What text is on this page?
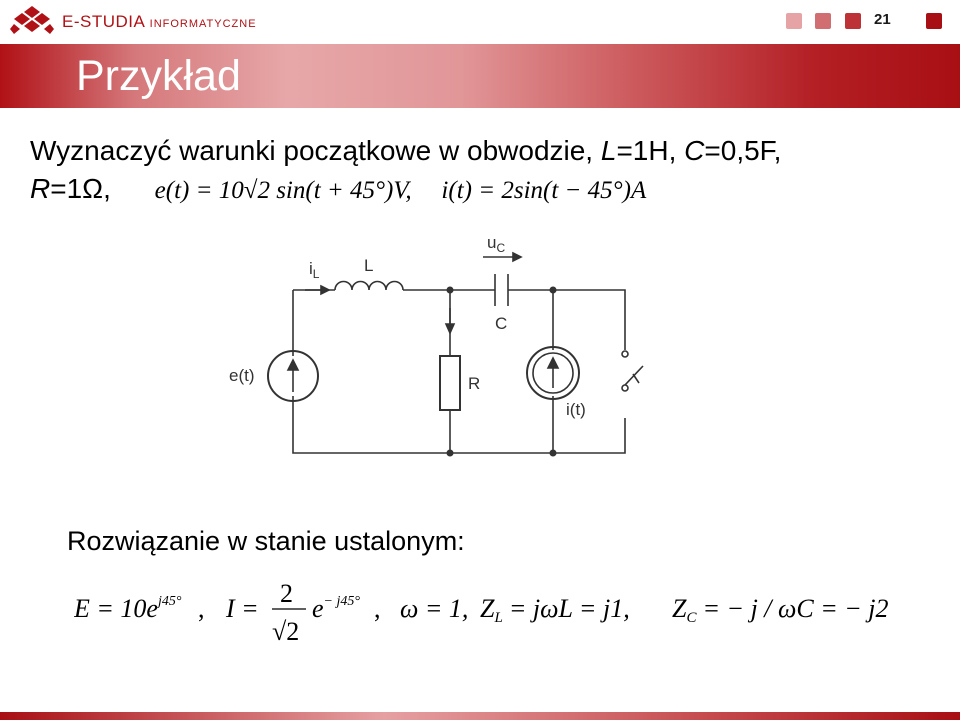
E-STUDIA INFORMATYCZNE	21
Przykład
Wyznaczyć warunki początkowe w obwodzie, L=1H, C=0,5F,
R=1Ω, e(t) = 10√2 sin(t + 45°)V, i(t) = 2sin(t − 45°)A
$i_L$	L
$u_C$
C
e(t)	R
i(t)
Rozwiązanie w stanie ustalonym:
$E = 10e^{j45^\circ}$ , I =
2
√2
$e^{- j45^\circ}$ , ω = 1, ZL = jωL = j1, ZC = − j / ωC = − j2
